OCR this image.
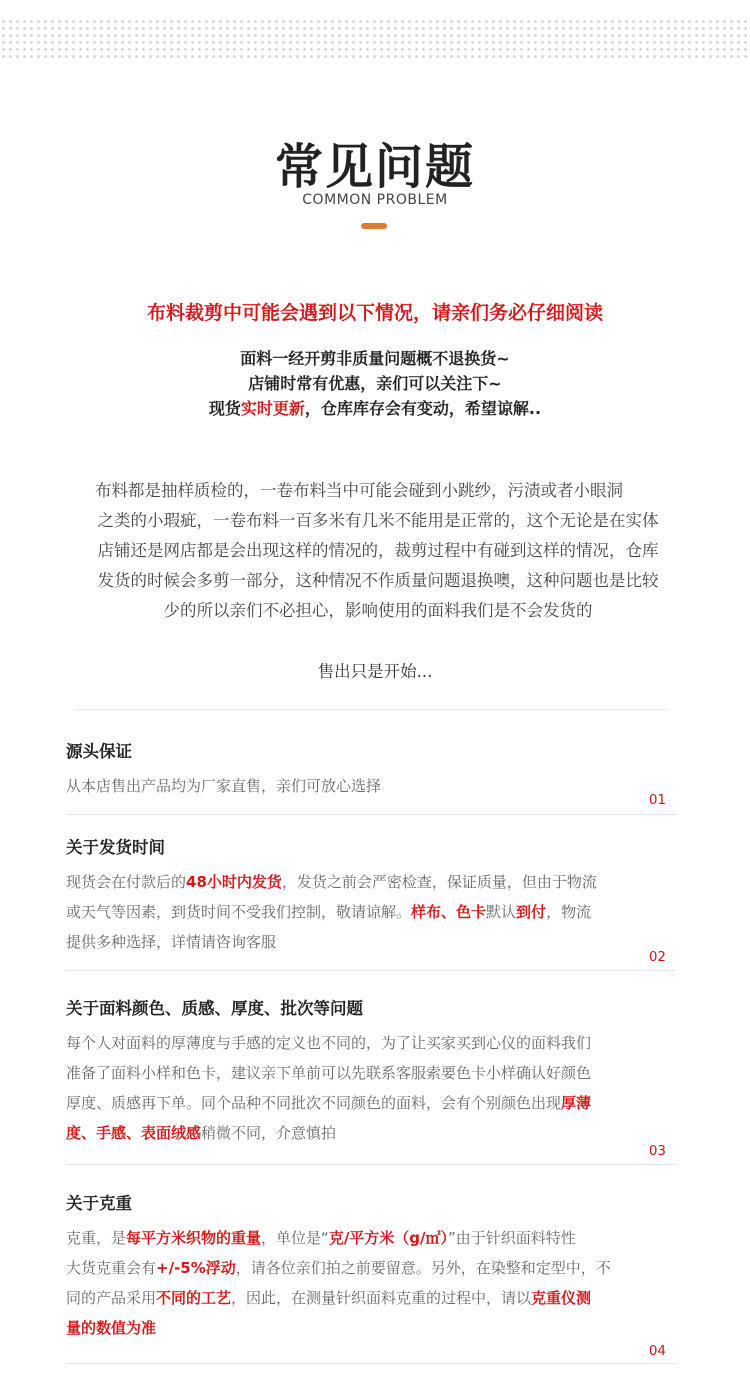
常见问题
COMMON PROBLEM
布料裁剪中可能会遇到以下情况，请亲们务必仔细阅读
面料一经开剪非质量问题概不退换货~
店铺时常有优惠，亲们可以关注下~
现货实时更新，仓库库存会有变动，希望谅解..
　　布料都是抽样质检的，一卷布料当中可能会碰到小跳纱，污渍或者小眼洞
之类的小瑕疵，一卷布料一百多米有几米不能用是正常的，这个无论是在实体
店铺还是网店都是会出现这样的情况的，裁剪过程中有碰到这样的情况，仓库
发货的时候会多剪一部分，这种情况不作质量问题退换噢，这种问题也是比较
少的所以亲们不必担心，影响使用的面料我们是不会发货的
售出只是开始...
源头保证
从本店售出产品均为厂家直售，亲们可放心选择
01
关于发货时间
现货会在付款后的48小时内发货，发货之前会严密检查，保证质量，但由于物流
或天气等因素，到货时间不受我们控制，敬请谅解。样布、色卡默认到付，物流
提供多种选择，详情请咨询客服
02
关于面料颜色、质感、厚度、批次等问题
每个人对面料的厚薄度与手感的定义也不同的，为了让买家买到心仪的面料我们
准备了面料小样和色卡，建议亲下单前可以先联系客服索要色卡小样确认好颜色
厚度、质感再下单。同个品种不同批次不同颜色的面料，会有个别颜色出现厚薄
度、手感、表面绒感稍微不同，介意慎拍
03
关于克重
克重，是每平方米织物的重量，单位是“克/平方米（g/㎡）”由于针织面料特性
大货克重会有+/-5%浮动，请各位亲们拍之前要留意。另外，在染整和定型中，不
同的产品采用不同的工艺，因此，在测量针织面料克重的过程中，请以克重仪测
量的数值为准
04
